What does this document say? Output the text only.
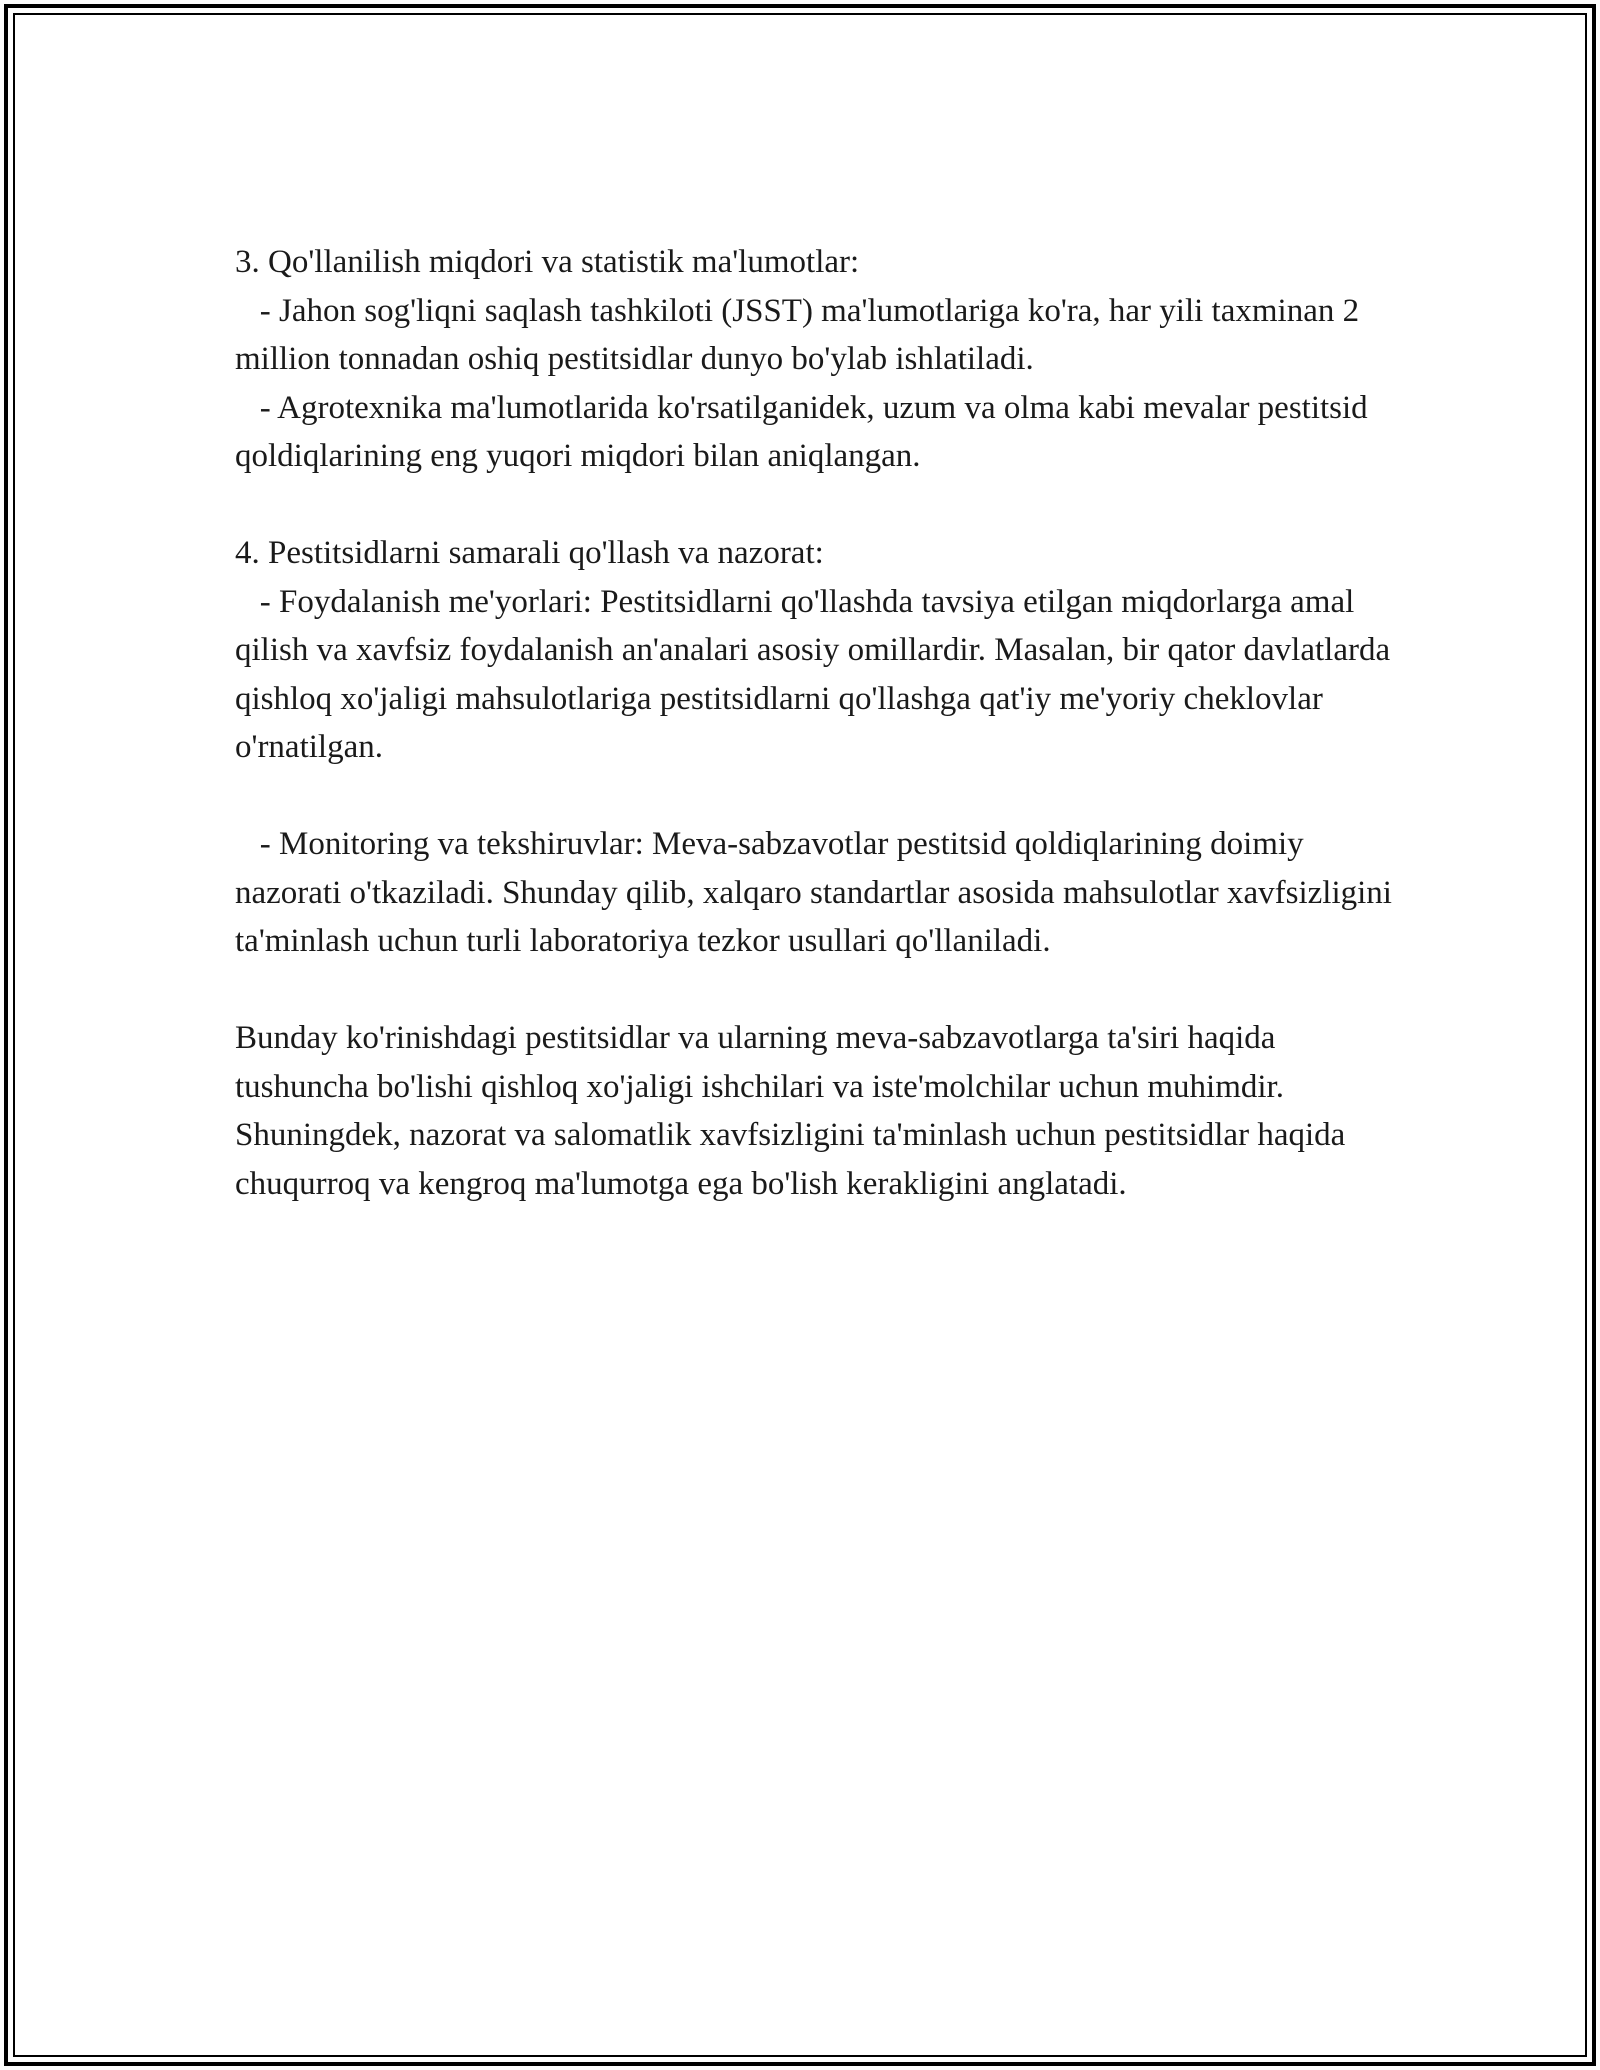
3. Qo'llanilish miqdori va statistik ma'lumotlar:

- Jahon sog'liqni saqlash tashkiloti (JSST) ma'lumotlariga ko'ra, har yili taxminan 2 million tonnadan oshiq pestitsidlar dunyo bo'ylab ishlatiladi.

- Agrotexnika ma'lumotlarida ko'rsatilganidek, uzum va olma kabi mevalar pestitsid qoldiqlarining eng yuqori miqdori bilan aniqlangan.

4. Pestitsidlarni samarali qo'llash va nazorat:

- Foydalanish me'yorlari: Pestitsidlarni qo'llashda tavsiya etilgan miqdorlarga amal qilish va xavfsiz foydalanish an'analari asosiy omillardir. Masalan, bir qator davlatlarda qishloq xo'jaligi mahsulotlariga pestitsidlarni qo'llashga qat'iy me'yoriy cheklovlar o'rnatilgan.

- Monitoring va tekshiruvlar: Meva-sabzavotlar pestitsid qoldiqlarining doimiy nazorati o'tkaziladi. Shunday qilib, xalqaro standartlar asosida mahsulotlar xavfsizligini ta'minlash uchun turli laboratoriya tezkor usullari qo'llaniladi.

Bunday ko'rinishdagi pestitsidlar va ularning meva-sabzavotlarga ta'siri haqida tushuncha bo'lishi qishloq xo'jaligi ishchilari va iste'molchilar uchun muhimdir. Shuningdek, nazorat va salomatlik xavfsizligini ta'minlash uchun pestitsidlar haqida chuqurroq va kengroq ma'lumotga ega bo'lish kerakligini anglatadi.
